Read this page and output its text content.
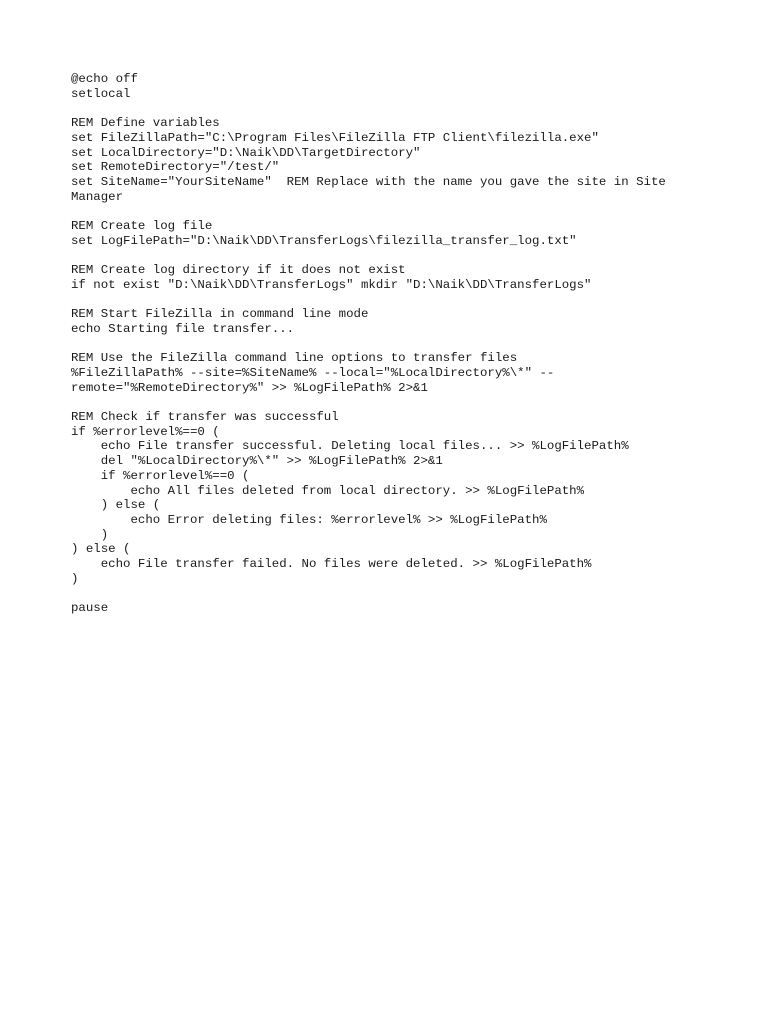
@echo off
setlocal
REM Define variables
set FileZillaPath="C:\Program Files\FileZilla FTP Client\filezilla.exe"
set LocalDirectory="D:\Naik\DD\TargetDirectory"
set RemoteDirectory="/test/"
set SiteName="YourSiteName"  REM Replace with the name you gave the site in Site
Manager
REM Create log file
set LogFilePath="D:\Naik\DD\TransferLogs\filezilla_transfer_log.txt"
REM Create log directory if it does not exist
if not exist "D:\Naik\DD\TransferLogs" mkdir "D:\Naik\DD\TransferLogs"
REM Start FileZilla in command line mode
echo Starting file transfer...
REM Use the FileZilla command line options to transfer files
%FileZillaPath% --site=%SiteName% --local="%LocalDirectory%\*" --
remote="%RemoteDirectory%" >> %LogFilePath% 2>&1
REM Check if transfer was successful
if %errorlevel%==0 (
echo File transfer successful. Deleting local files... >> %LogFilePath%
del "%LocalDirectory%\*" >> %LogFilePath% 2>&1
if %errorlevel%==0 (
echo All files deleted from local directory. >> %LogFilePath%
) else (
echo Error deleting files: %errorlevel% >> %LogFilePath%
)
) else (
echo File transfer failed. No files were deleted. >> %LogFilePath%
)
pause
